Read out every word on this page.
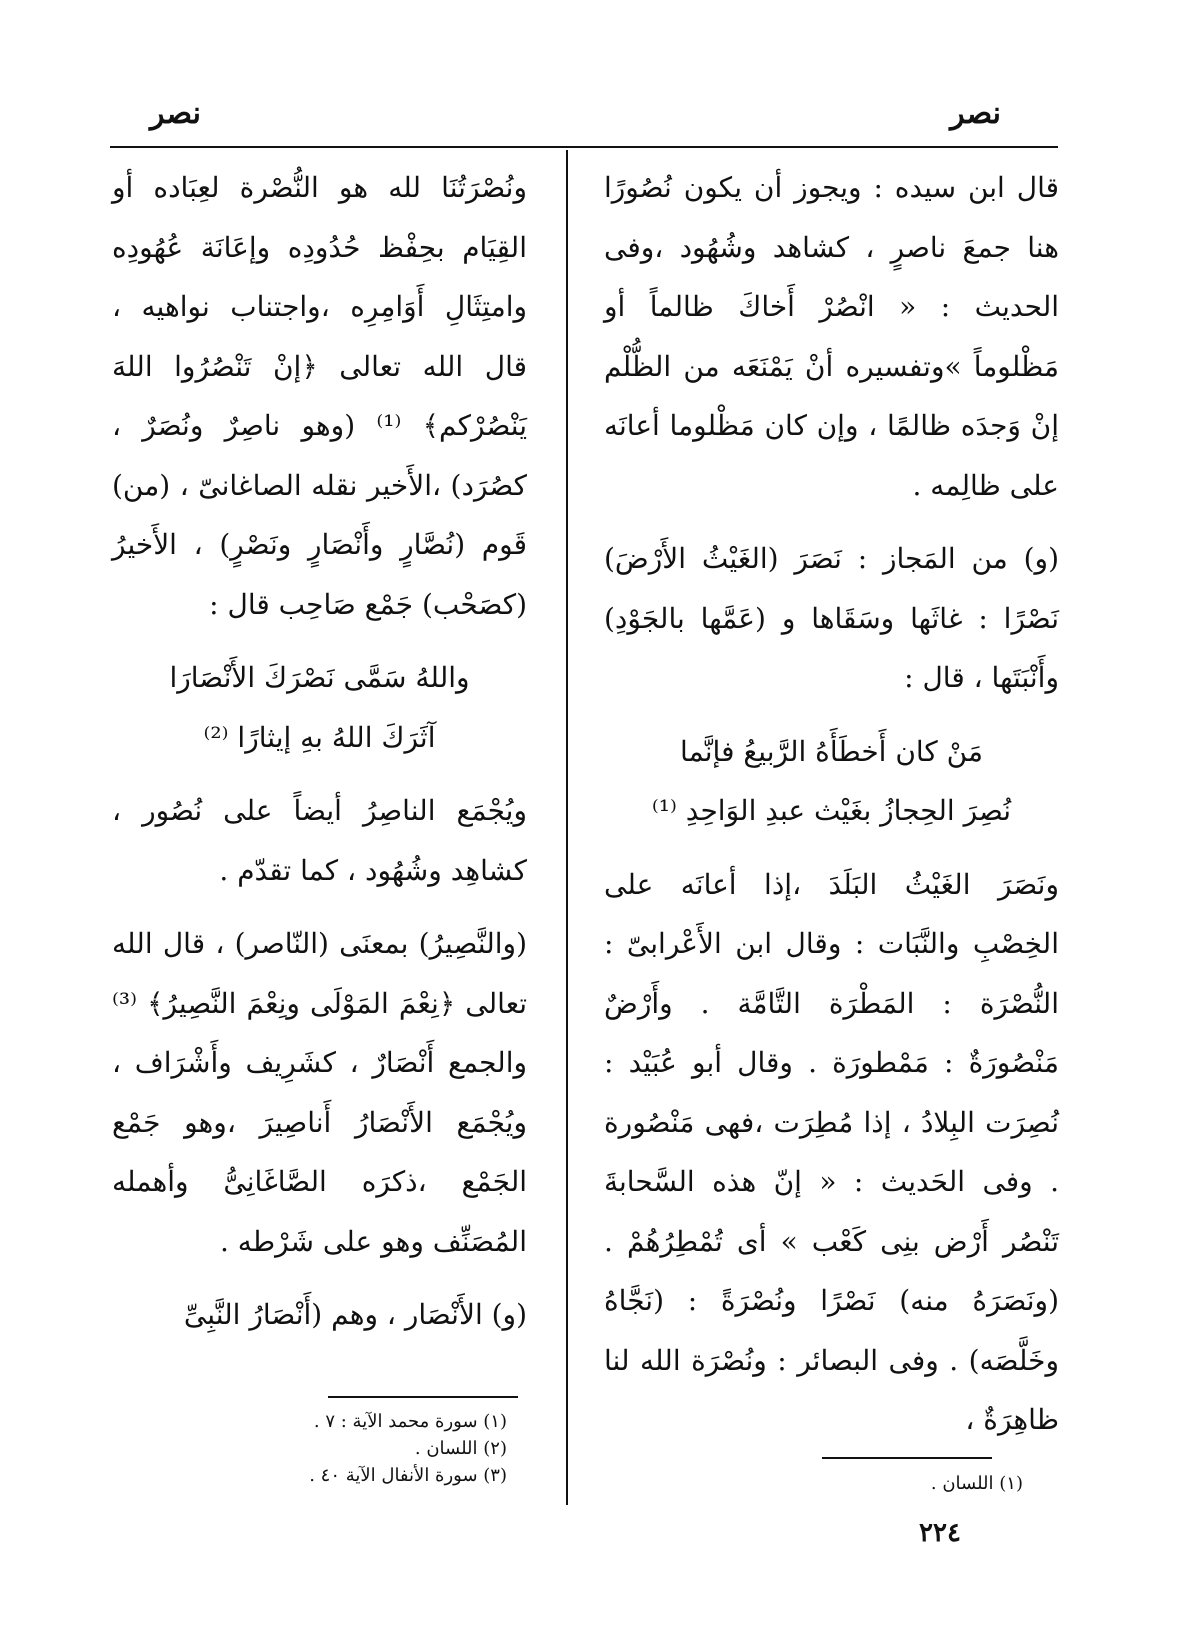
نصر
نصر

قال ابن سيده : ويجوز أن يكون نُصُورًا هنا جمعَ ناصرٍ ، كشاهد وشُهُود ،وفى الحديث : « انْصُرْ أَخاكَ ظالماً أو مَظْلوماً »وتفسيره أنْ يَمْنَعَه من الظُّلْم إنْ وَجدَه ظالمًا ، وإن كان مَظْلوما أعانَه على ظالِمه .

(و) من المَجاز : نَصَرَ (الغَيْثُ الأَرْضَ) نَصْرًا : غاثَها وسَقَاها و (عَمَّها بالجَوْدِ) وأَنْبَتَها ، قال :

مَنْ كان أَخطَأَهُ الرَّبيعُ فإنَّما
نُصِرَ الحِجازُ بغَيْث عبدِ الوَاحِدِ ⁽¹⁾

ونَصَرَ الغَيْثُ البَلَدَ ،إذا أعانَه على الخِصْبِ والنَّبَات : وقال ابن الأَعْرابىّ : النُّصْرَة : المَطْرَة التَّامَّة . وأَرْضٌ مَنْصُورَةٌ : مَمْطورَة . وقال أبو عُبَيْد : نُصِرَت البِلادُ ، إذا مُطِرَت ،فهى مَنْصُورة . وفى الحَديث : « إنّ هذه السَّحابةَ تَنْصُر أَرْض بنِى كَعْب » أى تُمْطِرُهُمْ . (ونَصَرَهُ منه) نَصْرًا ونُصْرَةً : (نَجَّاهُ وخَلَّصَه) . وفى البصائر : ونُصْرَة الله لنا ظاهِرَةٌ ،

ونُصْرَتُنَا لله هو النُّصْرة لعِبَاده أو القِيَام بحِفْظ حُدُودِه وإعَانَة عُهُودِه وامتِثَالِ أَوَامِرِه ،واجتناب نواهيه ، قال الله تعالى ﴿إنْ تَنْصُرُوا اللهَ يَنْصُرْكم﴾ ⁽¹⁾ (وهو ناصِرٌ ونُصَرٌ ، كصُرَد) ،الأَخير نقله الصاغانىّ ، (من) قَوم (نُصَّارٍ وأَنْصَارٍ ونَصْرٍ) ، الأَخيرُ (كصَحْب) جَمْع صَاحِب قال :

واللهُ سَمَّى نَصْرَكَ الأَنْصَارَا
آثَرَكَ اللهُ بهِ إيثارًا ⁽²⁾

ويُجْمَع الناصِرُ أيضاً على نُصُور ، كشاهِد وشُهُود ، كما تقدّم .

(والنَّصِيرُ) بمعنَى (النّاصر) ، قال الله تعالى ﴿نِعْمَ المَوْلَى ونِعْمَ النَّصِيرُ﴾ ⁽³⁾ والجمع أَنْصَارٌ ، كشَرِيف وأَشْرَاف ، ويُجْمَع الأَنْصَارُ أَناصِيرَ ،وهو جَمْع الجَمْع ،ذكرَه الصَّاغَانِىُّ وأهمله المُصَنِّف وهو على شَرْطه .

(و) الأَنْصَار ، وهم (أَنْصَارُ النَّبِىِّ

(١) اللسان .
(١) سورة محمد الآية : ٧ .
(٢) اللسان .
(٣) سورة الأنفال الآية ٤٠ .
٢٢٤
